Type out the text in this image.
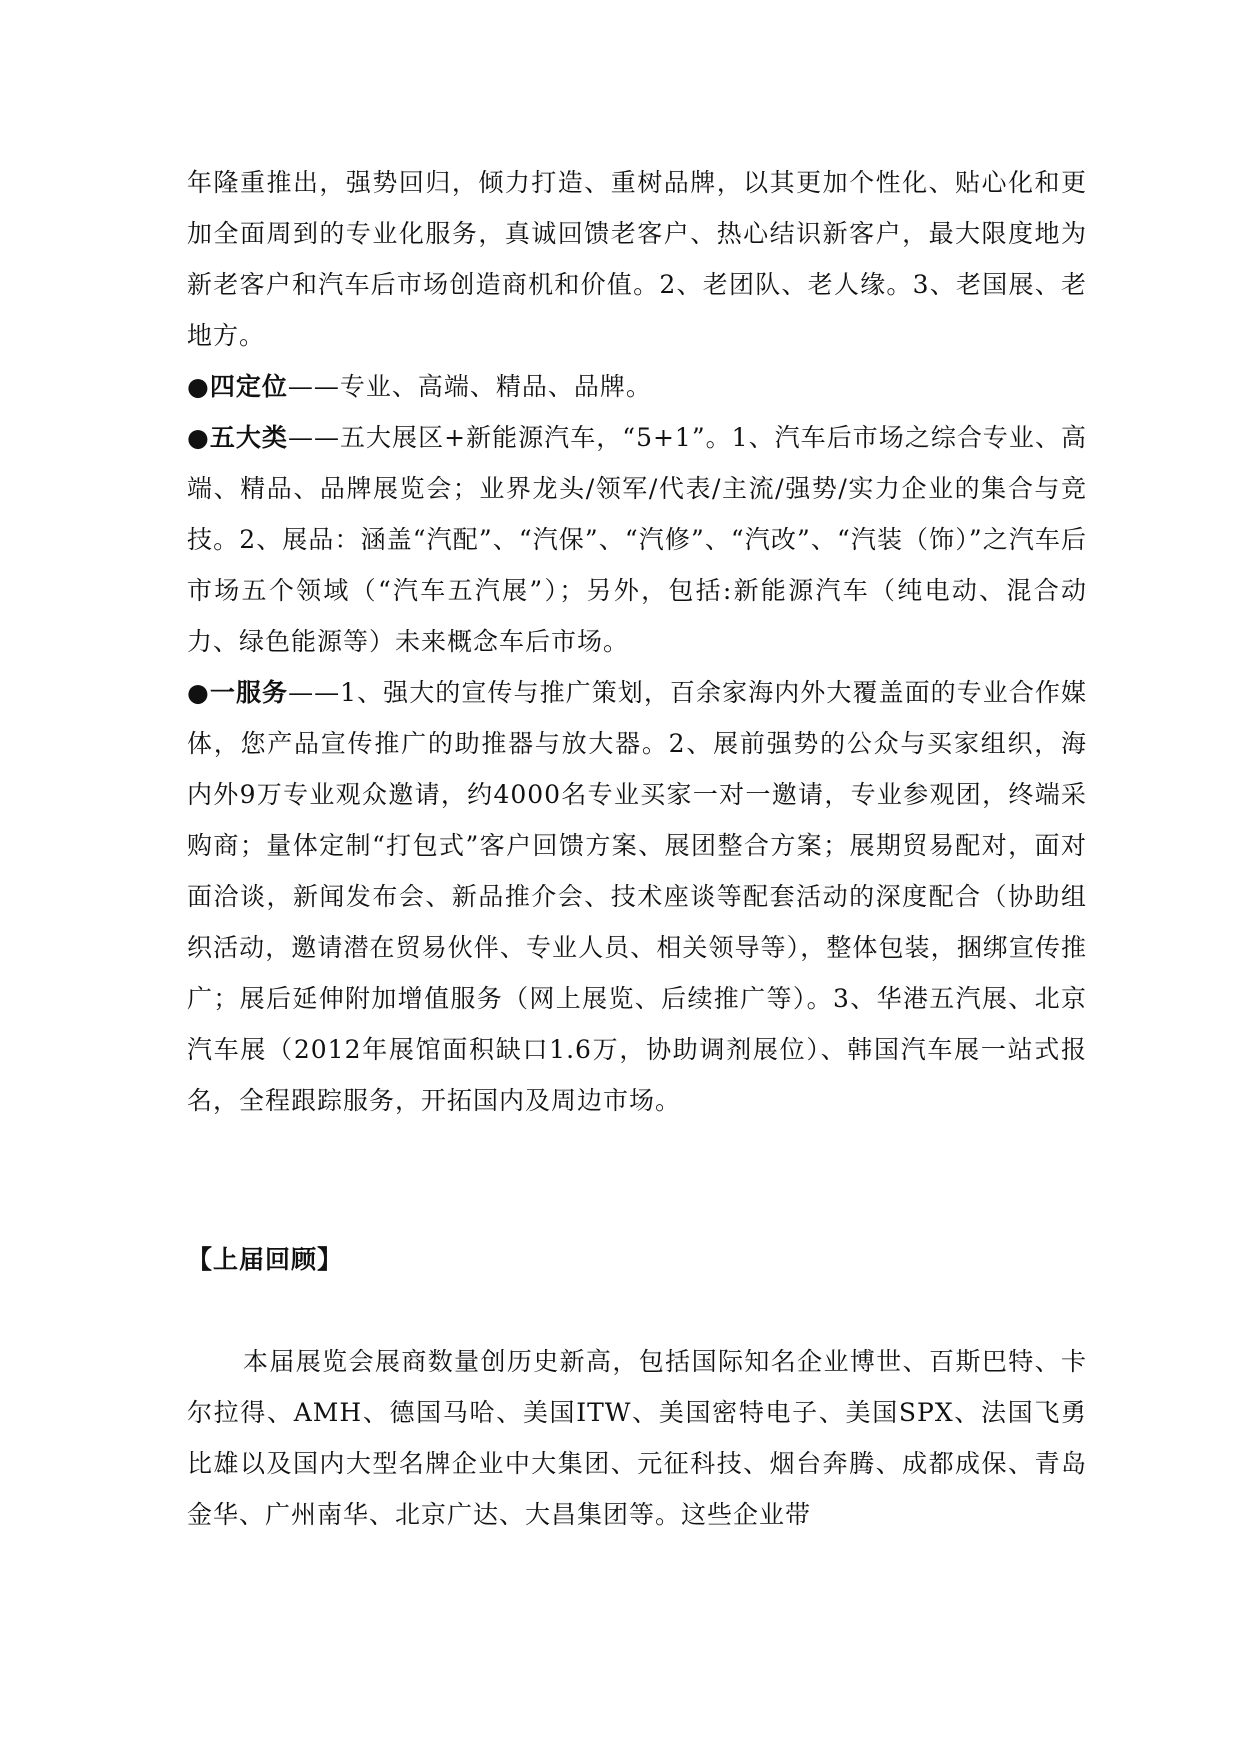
年隆重推出，强势回归，倾力打造、重树品牌，以其更加个性化、贴心化和更加全面周到的专业化服务，真诚回馈老客户、热心结识新客户，最大限度地为新老客户和汽车后市场创造商机和价值。2、老团队、老人缘。3、老国展、老地方。

●四定位——专业、高端、精品、品牌。

●五大类——五大展区+新能源汽车，“5+1”。1、汽车后市场之综合专业、高端、精品、品牌展览会；业界龙头/领军/代表/主流/强势/实力企业的集合与竞技。2、展品：涵盖“汽配”、“汽保”、“汽修”、“汽改”、“汽装（饰）”之汽车后市场五个领域（“汽车五汽展”）；另外，包括:新能源汽车（纯电动、混合动力、绿色能源等）未来概念车后市场。

●一服务——1、强大的宣传与推广策划，百余家海内外大覆盖面的专业合作媒体，您产品宣传推广的助推器与放大器。2、展前强势的公众与买家组织，海内外9万专业观众邀请，约4000名专业买家一对一邀请，专业参观团，终端采购商；量体定制“打包式”客户回馈方案、展团整合方案；展期贸易配对，面对面洽谈，新闻发布会、新品推介会、技术座谈等配套活动的深度配合（协助组织活动，邀请潜在贸易伙伴、专业人员、相关领导等），整体包装，捆绑宣传推广；展后延伸附加增值服务（网上展览、后续推广等）。3、华港五汽展、北京汽车展（2012年展馆面积缺口1.6万，协助调剂展位）、韩国汽车展一站式报名，全程跟踪服务，开拓国内及周边市场。

【上届回顾】

本届展览会展商数量创历史新高，包括国际知名企业博世、百斯巴特、卡尔拉得、AMH、德国马哈、美国ITW、美国密特电子、美国SPX、法国飞勇比雄以及国内大型名牌企业中大集团、元征科技、烟台奔腾、成都成保、青岛金华、广州南华、北京广达、大昌集团等。这些企业带
